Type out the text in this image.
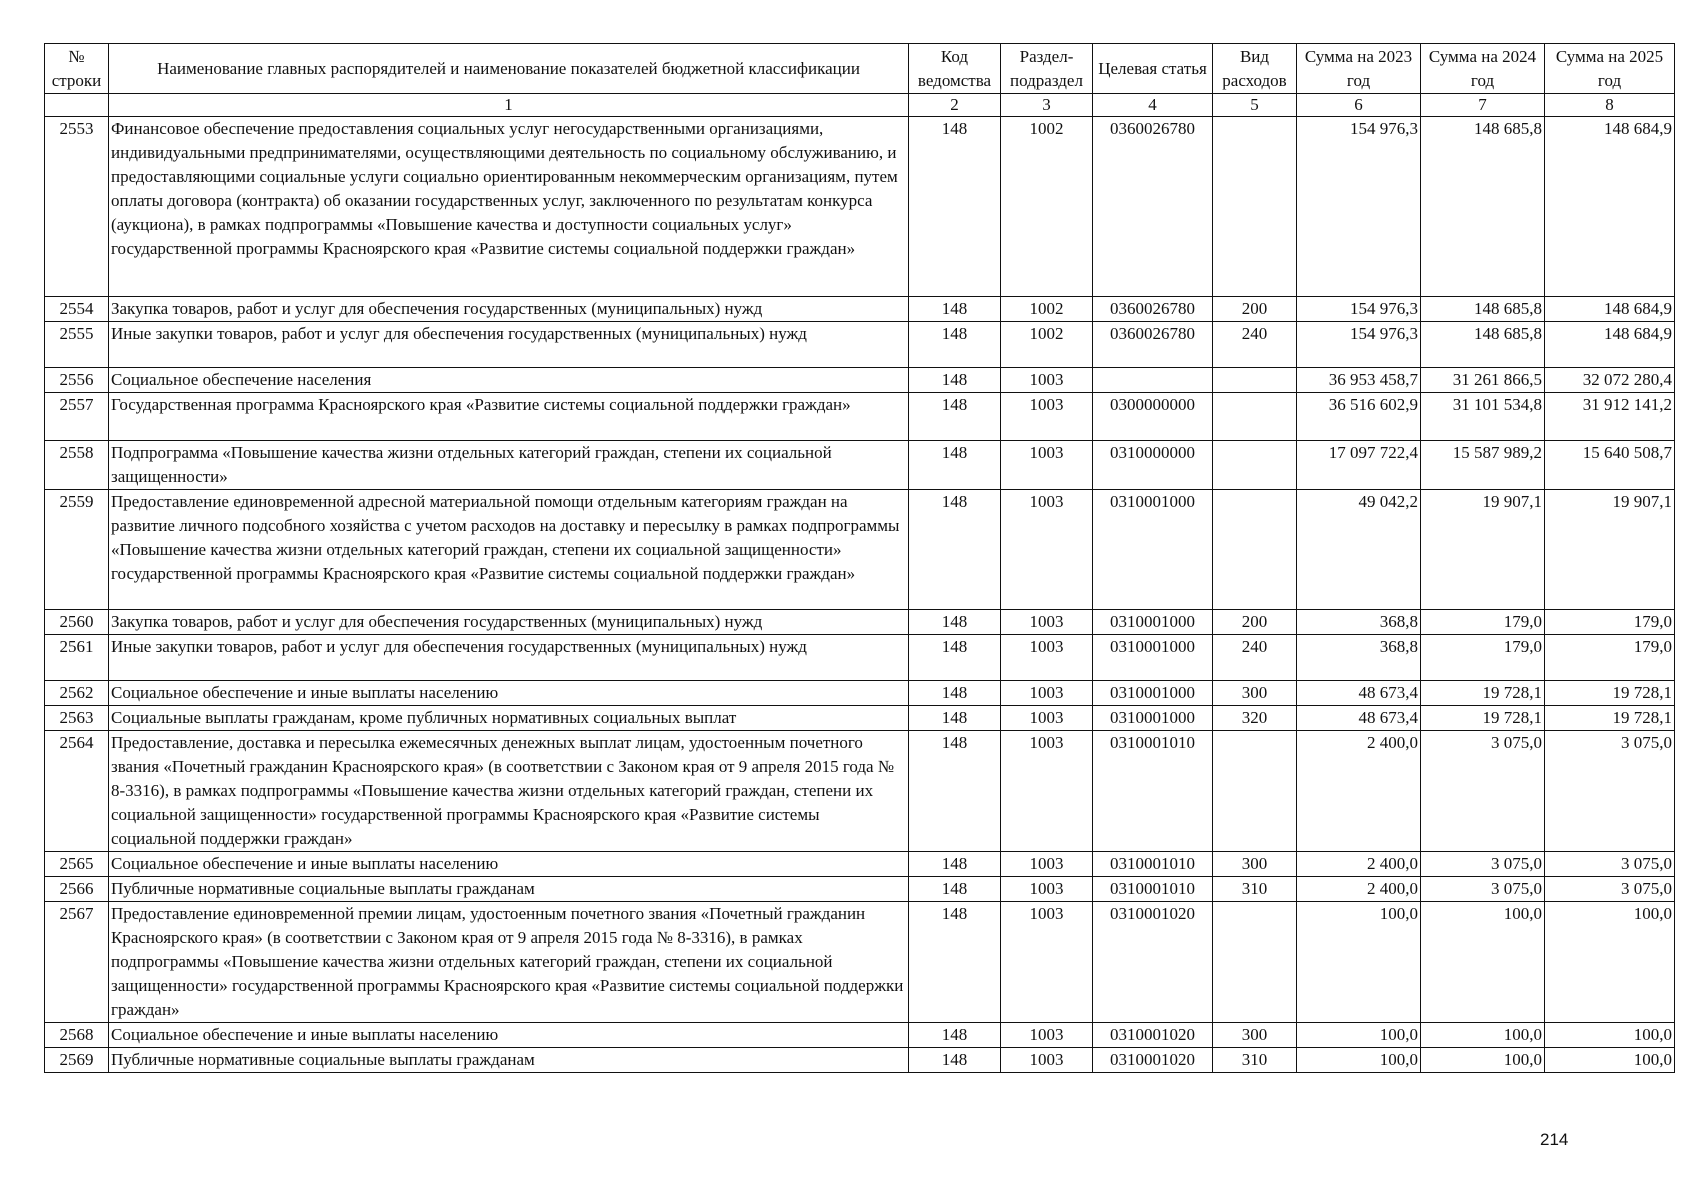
№ строки	Наименование главных распорядителей и наименование показателей бюджетной классификации	Код ведомства	Раздел-подраздел	Целевая статья	Вид расходов	Сумма на 2023 год	Сумма на 2024 год	Сумма на 2025 год
	1	2	3	4	5	6	7	8
2553	Финансовое обеспечение предоставления социальных услуг негосударственными организациями, индивидуальными предпринимателями, осуществляющими деятельность по социальному обслуживанию, и предоставляющими социальные услуги социально ориентированным некоммерческим организациям, путем оплаты договора (контракта) об оказании государственных услуг, заключенного по результатам конкурса (аукциона), в рамках подпрограммы «Повышение качества и доступности социальных услуг» государственной программы Красноярского края «Развитие системы социальной поддержки граждан»	148	1002	0360026780		154 976,3	148 685,8	148 684,9
2554	Закупка товаров, работ и услуг для обеспечения государственных (муниципальных) нужд	148	1002	0360026780	200	154 976,3	148 685,8	148 684,9
2555	Иные закупки товаров, работ и услуг для обеспечения государственных (муниципальных) нужд	148	1002	0360026780	240	154 976,3	148 685,8	148 684,9
2556	Социальное обеспечение населения	148	1003			36 953 458,7	31 261 866,5	32 072 280,4
2557	Государственная программа Красноярского края «Развитие системы социальной поддержки граждан»	148	1003	0300000000		36 516 602,9	31 101 534,8	31 912 141,2
2558	Подпрограмма «Повышение качества жизни отдельных категорий граждан, степени их социальной защищенности»	148	1003	0310000000		17 097 722,4	15 587 989,2	15 640 508,7
2559	Предоставление единовременной адресной материальной помощи отдельным категориям граждан на развитие личного подсобного хозяйства с учетом расходов на доставку и пересылку в рамках подпрограммы «Повышение качества жизни отдельных категорий граждан, степени их социальной защищенности» государственной программы Красноярского края «Развитие системы социальной поддержки граждан»	148	1003	0310001000		49 042,2	19 907,1	19 907,1
2560	Закупка товаров, работ и услуг для обеспечения государственных (муниципальных) нужд	148	1003	0310001000	200	368,8	179,0	179,0
2561	Иные закупки товаров, работ и услуг для обеспечения государственных (муниципальных) нужд	148	1003	0310001000	240	368,8	179,0	179,0
2562	Социальное обеспечение и иные выплаты населению	148	1003	0310001000	300	48 673,4	19 728,1	19 728,1
2563	Социальные выплаты гражданам, кроме публичных нормативных социальных выплат	148	1003	0310001000	320	48 673,4	19 728,1	19 728,1
2564	Предоставление, доставка и пересылка ежемесячных денежных выплат лицам, удостоенным почетного звания «Почетный гражданин Красноярского края» (в соответствии с Законом края от 9 апреля 2015 года № 8-3316), в рамках подпрограммы «Повышение качества жизни отдельных категорий граждан, степени их социальной защищенности» государственной программы Красноярского края «Развитие системы социальной поддержки граждан»	148	1003	0310001010		2 400,0	3 075,0	3 075,0
2565	Социальное обеспечение и иные выплаты населению	148	1003	0310001010	300	2 400,0	3 075,0	3 075,0
2566	Публичные нормативные социальные выплаты гражданам	148	1003	0310001010	310	2 400,0	3 075,0	3 075,0
2567	Предоставление единовременной премии лицам, удостоенным почетного звания «Почетный гражданин Красноярского края» (в соответствии с Законом края от 9 апреля 2015 года № 8-3316), в рамках подпрограммы «Повышение качества жизни отдельных категорий граждан, степени их социальной защищенности» государственной программы Красноярского края «Развитие системы социальной поддержки граждан»	148	1003	0310001020		100,0	100,0	100,0
2568	Социальное обеспечение и иные выплаты населению	148	1003	0310001020	300	100,0	100,0	100,0
2569	Публичные нормативные социальные выплаты гражданам	148	1003	0310001020	310	100,0	100,0	100,0
214
